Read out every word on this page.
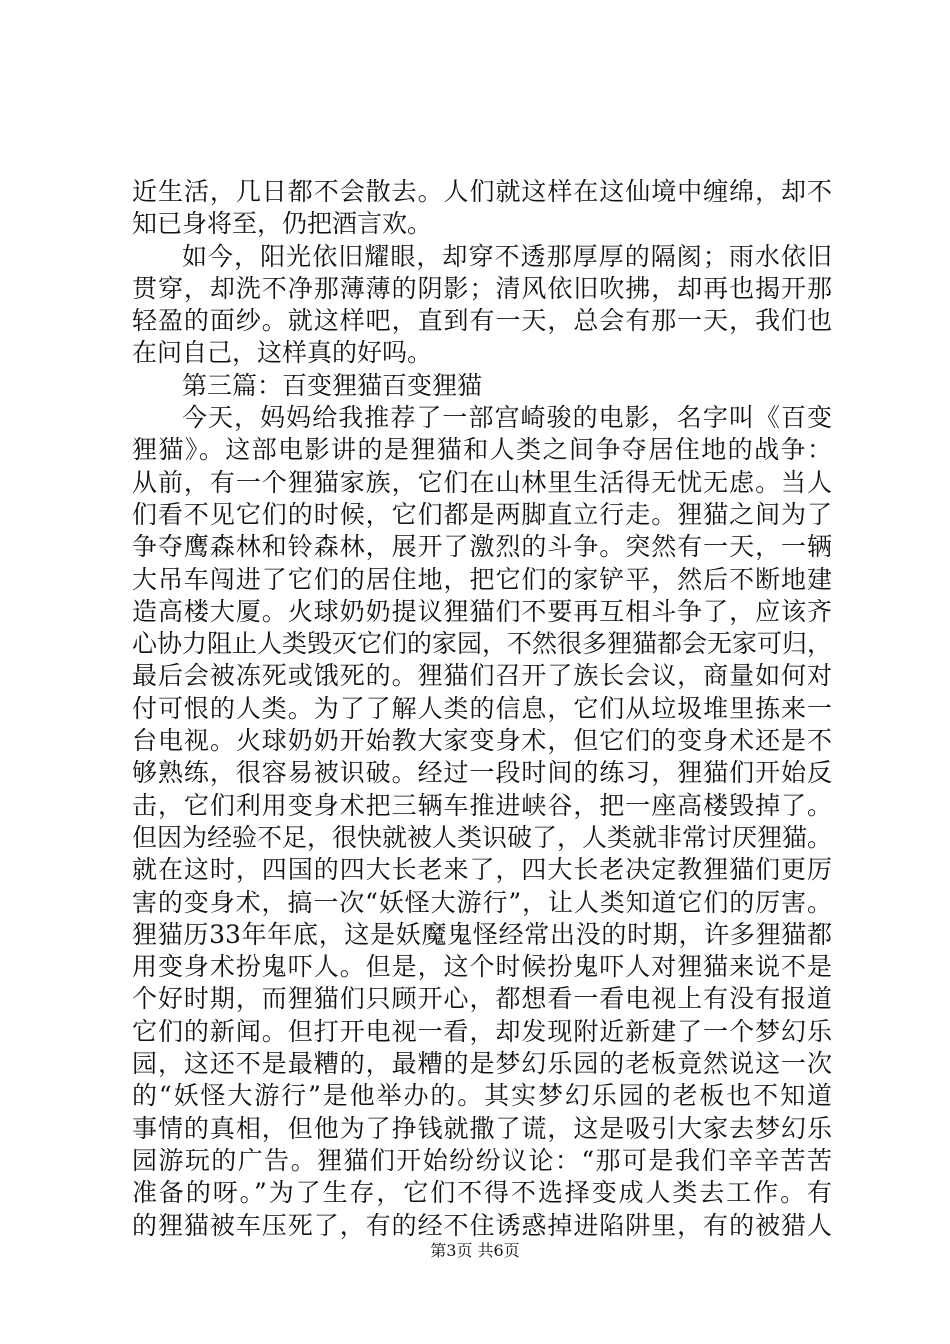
近生活，几日都不会散去。人们就这样在这仙境中缠绵，却不
知已身将至，仍把酒言欢。
如今，阳光依旧耀眼，却穿不透那厚厚的隔阂；雨水依旧
贯穿，却洗不净那薄薄的阴影；清风依旧吹拂，却再也揭开那
轻盈的面纱。就这样吧，直到有一天，总会有那一天，我们也
在问自己，这样真的好吗。
第三篇：百变狸猫百变狸猫
今天，妈妈给我推荐了一部宫崎骏的电影，名字叫《百变
狸猫》。这部电影讲的是狸猫和人类之间争夺居住地的战争：
从前，有一个狸猫家族，它们在山林里生活得无忧无虑。当人
们看不见它们的时候，它们都是两脚直立行走。狸猫之间为了
争夺鹰森林和铃森林，展开了激烈的斗争。突然有一天，一辆
大吊车闯进了它们的居住地，把它们的家铲平，然后不断地建
造高楼大厦。火球奶奶提议狸猫们不要再互相斗争了，应该齐
心协力阻止人类毁灭它们的家园，不然很多狸猫都会无家可归，
最后会被冻死或饿死的。狸猫们召开了族长会议，商量如何对
付可恨的人类。为了了解人类的信息，它们从垃圾堆里拣来一
台电视。火球奶奶开始教大家变身术，但它们的变身术还是不
够熟练，很容易被识破。经过一段时间的练习，狸猫们开始反
击，它们利用变身术把三辆车推进峡谷，把一座高楼毁掉了。
但因为经验不足，很快就被人类识破了，人类就非常讨厌狸猫。
就在这时，四国的四大长老来了，四大长老决定教狸猫们更厉
害的变身术，搞一次“妖怪大游行”，让人类知道它们的厉害。
狸猫历33年年底，这是妖魔鬼怪经常出没的时期，许多狸猫都
用变身术扮鬼吓人。但是，这个时候扮鬼吓人对狸猫来说不是
个好时期，而狸猫们只顾开心，都想看一看电视上有没有报道
它们的新闻。但打开电视一看，却发现附近新建了一个梦幻乐
园，这还不是最糟的，最糟的是梦幻乐园的老板竟然说这一次
的“妖怪大游行”是他举办的。其实梦幻乐园的老板也不知道
事情的真相，但他为了挣钱就撒了谎，这是吸引大家去梦幻乐
园游玩的广告。狸猫们开始纷纷议论：“那可是我们辛辛苦苦
准备的呀。”为了生存，它们不得不选择变成人类去工作。有
的狸猫被车压死了，有的经不住诱惑掉进陷阱里，有的被猎人
第3页 共6页
